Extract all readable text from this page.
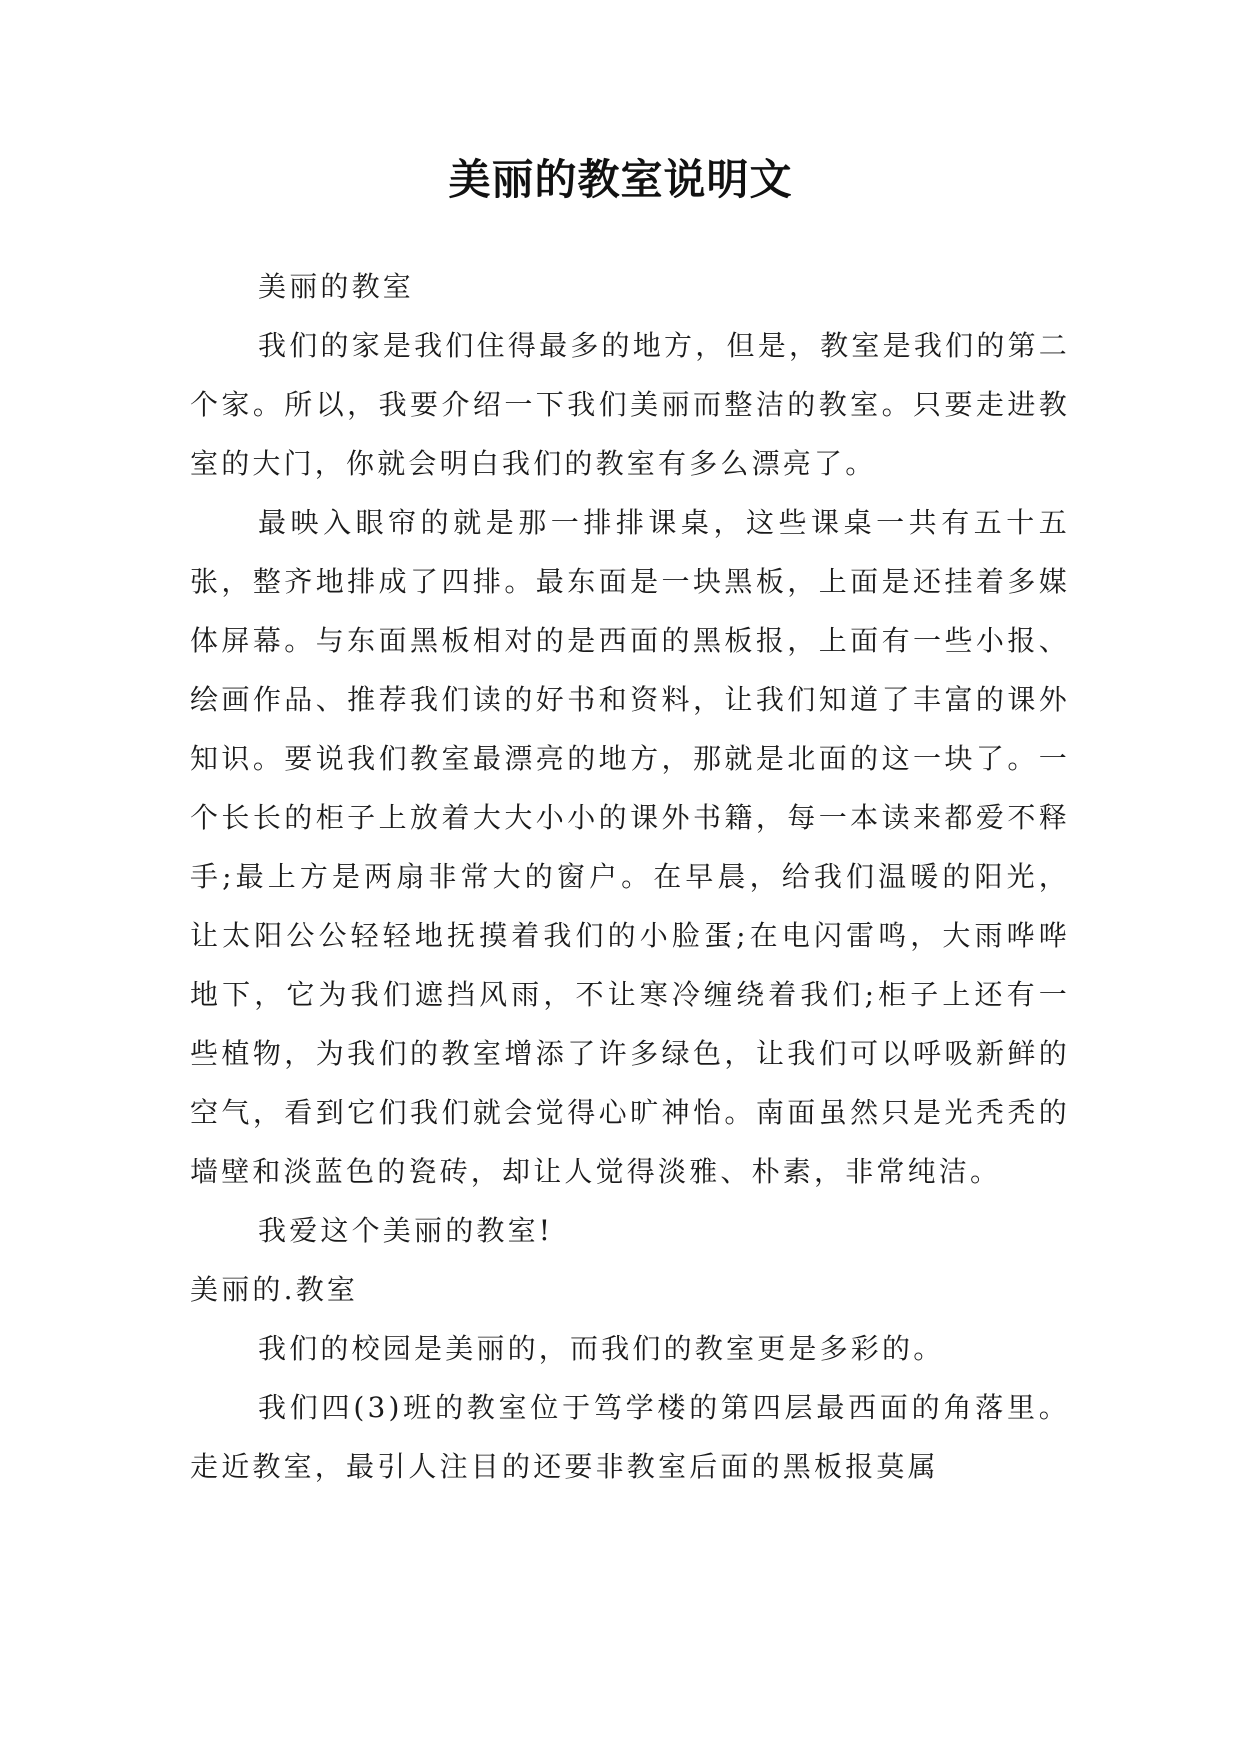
美丽的教室说明文

美丽的教室

我们的家是我们住得最多的地方，但是，教室是我们的第二个家。所以，我要介绍一下我们美丽而整洁的教室。只要走进教室的大门，你就会明白我们的教室有多么漂亮了。

最映入眼帘的就是那一排排课桌，这些课桌一共有五十五张，整齐地排成了四排。最东面是一块黑板，上面是还挂着多媒体屏幕。与东面黑板相对的是西面的黑板报，上面有一些小报、绘画作品、推荐我们读的好书和资料，让我们知道了丰富的课外知识。要说我们教室最漂亮的地方，那就是北面的这一块了。一个长长的柜子上放着大大小小的课外书籍，每一本读来都爱不释手;最上方是两扇非常大的窗户。在早晨，给我们温暖的阳光，让太阳公公轻轻地抚摸着我们的小脸蛋;在电闪雷鸣，大雨哗哗地下，它为我们遮挡风雨，不让寒冷缠绕着我们;柜子上还有一些植物，为我们的教室增添了许多绿色，让我们可以呼吸新鲜的空气，看到它们我们就会觉得心旷神怡。南面虽然只是光秃秃的墙壁和淡蓝色的瓷砖，却让人觉得淡雅、朴素，非常纯洁。

我爱这个美丽的教室!

美丽的.教室

我们的校园是美丽的，而我们的教室更是多彩的。

我们四(3)班的教室位于笃学楼的第四层最西面的角落里。走近教室，最引人注目的还要非教室后面的黑板报莫属
